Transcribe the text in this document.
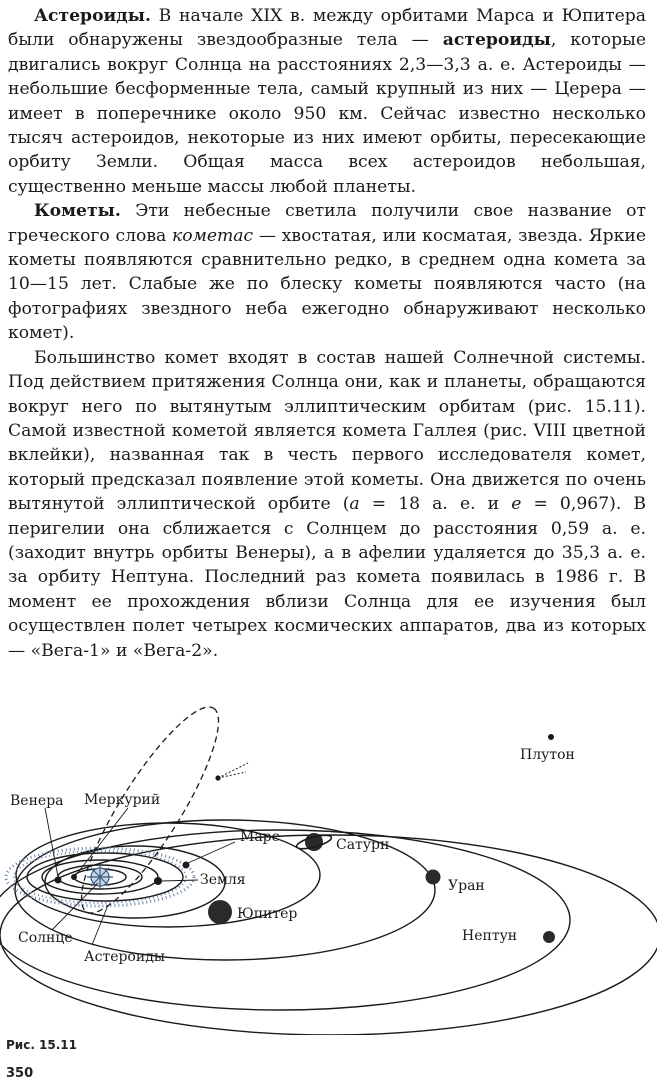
Астероиды. В начале XIX в. между орбитами Марса и Юпитера были обнаружены звездообразные тела — астероиды, которые двигались вокруг Солнца на расстояниях 2,3—3,3 а. е. Астероиды — небольшие бесформенные тела, самый крупный из них — Церера — имеет в поперечнике около 950 км. Сейчас известно несколько тысяч астероидов, некоторые из них имеют орбиты, пересекающие орбиту Земли. Общая масса всех астероидов небольшая, существенно меньше массы любой планеты.

Кометы. Эти небесные светила получили свое название от греческого слова кометас — хвостатая, или косматая, звезда. Яркие кометы появляются сравнительно редко, в среднем одна комета за 10—15 лет. Слабые же по блеску кометы появляются часто (на фотографиях звездного неба ежегодно обнаруживают несколько комет).

Большинство комет входят в состав нашей Солнечной системы. Под действием притяжения Солнца они, как и планеты, обращаются вокруг него по вытянутым эллиптическим орбитам (рис. 15.11). Самой известной кометой является комета Галлея (рис. VIII цветной вклейки), названная так в честь первого исследователя комет, который предсказал появление этой кометы. Она движется по очень вытянутой эллиптической орбите (a = 18 а. е. и e = 0,967). В перигелии она сближается с Солнцем до расстояния 0,59 а. е. (заходит внутрь орбиты Венеры), а в афелии удаляется до 35,3 а. е. за орбиту Нептуна. Последний раз комета появилась в 1986 г. В момент ее прохождения вблизи Солнца для ее изучения был осуществлен полет четырех космических аппаратов, два из которых — «Вега-1» и «Вега-2».

Плутон
Венера Меркурий
Марс	Сатурн
Земля
Юпитер
Уран
Солнце	Нептун
Астероиды
Рис. 15.11
350
